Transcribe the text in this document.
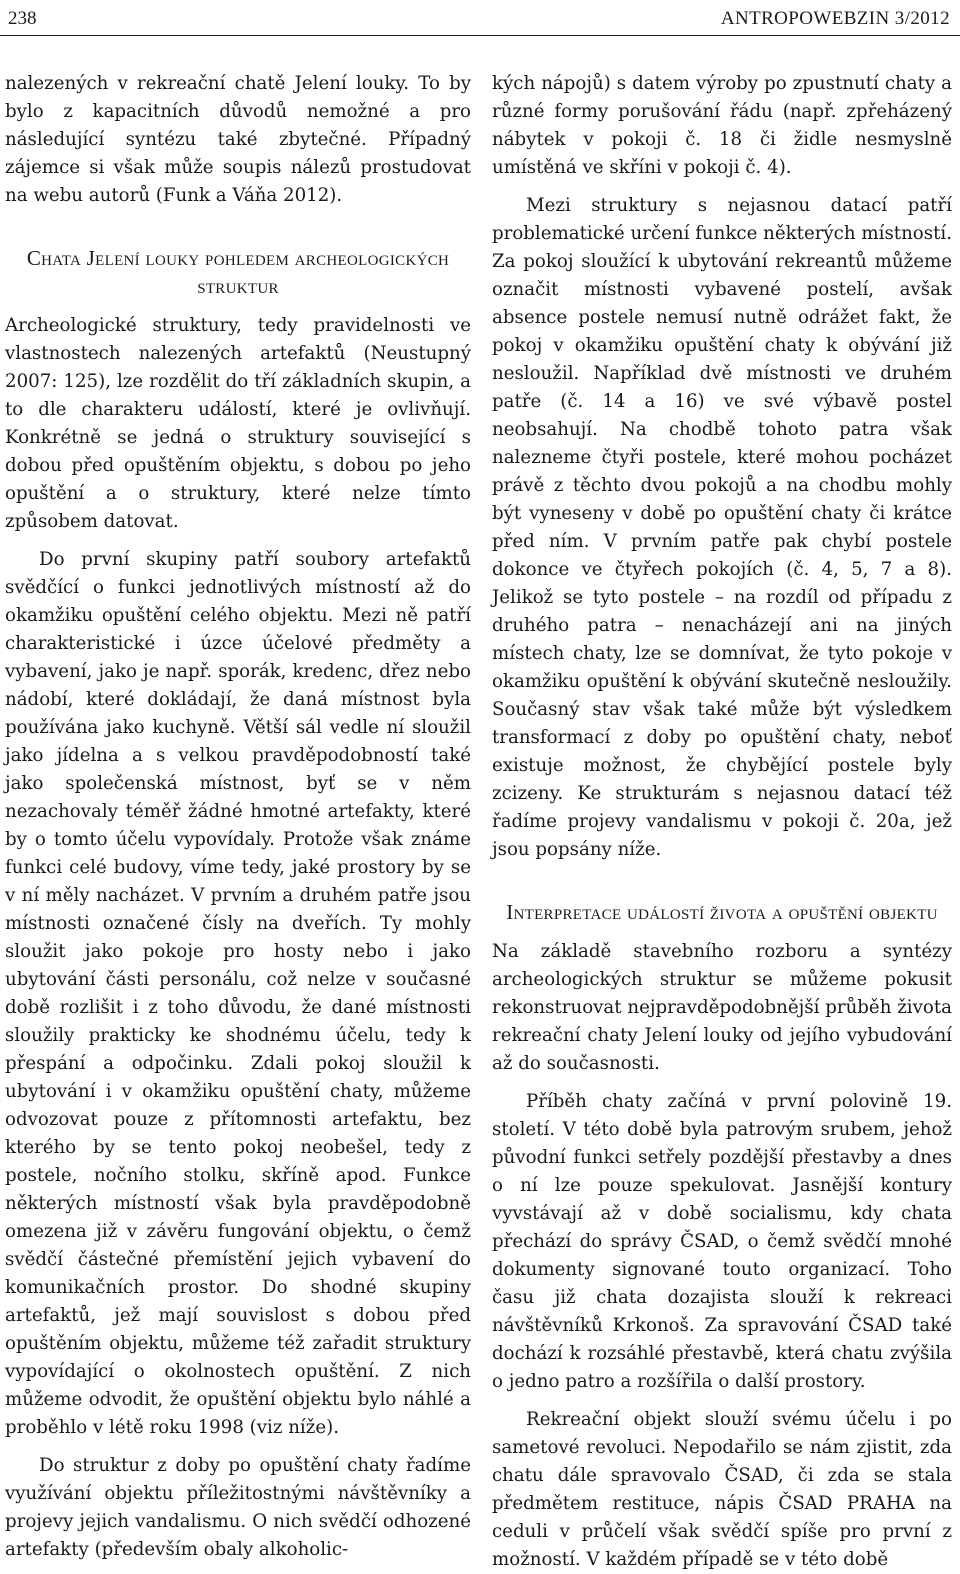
238	ANTROPOWEBZIN 3/2012

nalezených v rekreační chatě Jelení louky. To by bylo z kapacitních důvodů nemožné a pro následující syntézu také zbytečné. Případný zájemce si však může soupis nálezů prostudovat na webu autorů (Funk a Váňa 2012).

Chata Jelení louky pohledem archeologických struktur

Archeologické struktury, tedy pravidelnosti ve vlastnostech nalezených artefaktů (Neustupný 2007: 125), lze rozdělit do tří základních skupin, a to dle charakteru událostí, které je ovlivňují. Konkrétně se jedná o struktury související s dobou před opuštěním objektu, s dobou po jeho opuštění a o struktury, které nelze tímto způsobem datovat.

Do první skupiny patří soubory artefaktů svědčící o funkci jednotlivých místností až do okamžiku opuštění celého objektu. Mezi ně patří charakteristické i úzce účelové předměty a vybavení, jako je např. sporák, kredenc, dřez nebo nádobí, které dokládají, že daná místnost byla používána jako kuchyně. Větší sál vedle ní sloužil jako jídelna a s velkou pravděpodobností také jako společenská místnost, byť se v něm nezachovaly téměř žádné hmotné artefakty, které by o tomto účelu vypovídaly. Protože však známe funkci celé budovy, víme tedy, jaké prostory by se v ní měly nacházet. V prvním a druhém patře jsou místnosti označené čísly na dveřích. Ty mohly sloužit jako pokoje pro hosty nebo i jako ubytování části personálu, což nelze v současné době rozlišit i z toho důvodu, že dané místnosti sloužily prakticky ke shodnému účelu, tedy k přespání a odpočinku. Zdali pokoj sloužil k ubytování i v okamžiku opuštění chaty, můžeme odvozovat pouze z přítomnosti artefaktu, bez kterého by se tento pokoj neobešel, tedy z postele, nočního stolku, skříně apod. Funkce některých místností však byla pravděpodobně omezena již v závěru fungování objektu, o čemž svědčí částečné přemístění jejich vybavení do komunikačních prostor. Do shodné skupiny artefaktů, jež mají souvislost s dobou před opuštěním objektu, můžeme též zařadit struktury vypovídající o okolnostech opuštění. Z nich můžeme odvodit, že opuštění objektu bylo náhlé a proběhlo v létě roku 1998 (viz níže).

Do struktur z doby po opuštění chaty řadíme využívání objektu příležitostnými návštěvníky a projevy jejich vandalismu. O nich svědčí odhozené artefakty (především obaly alkoholic-

kých nápojů) s datem výroby po zpustnutí chaty a různé formy porušování řádu (např. zpřeházený nábytek v pokoji č. 18 či židle nesmyslně umístěná ve skříni v pokoji č. 4).

Mezi struktury s nejasnou datací patří problematické určení funkce některých místností. Za pokoj sloužící k ubytování rekreantů můžeme označit místnosti vybavené postelí, avšak absence postele nemusí nutně odrážet fakt, že pokoj v okamžiku opuštění chaty k obývání již nesloužil. Například dvě místnosti ve druhém patře (č. 14 a 16) ve své výbavě postel neobsahují. Na chodbě tohoto patra však nalezneme čtyři postele, které mohou pocházet právě z těchto dvou pokojů a na chodbu mohly být vyneseny v době po opuštění chaty či krátce před ním. V prvním patře pak chybí postele dokonce ve čtyřech pokojích (č. 4, 5, 7 a 8). Jelikož se tyto postele – na rozdíl od případu z druhého patra – nenacházejí ani na jiných místech chaty, lze se domnívat, že tyto pokoje v okamžiku opuštění k obývání skutečně nesloužily. Současný stav však také může být výsledkem transformací z doby po opuštění chaty, neboť existuje možnost, že chybějící postele byly zcizeny. Ke strukturám s nejasnou datací též řadíme projevy vandalismu v pokoji č. 20a, jež jsou popsány níže.

Interpretace událostí života a opuštění objektu

Na základě stavebního rozboru a syntézy archeologických struktur se můžeme pokusit rekonstruovat nejpravděpodobnější průběh života rekreační chaty Jelení louky od jejího vybudování až do současnosti.

Příběh chaty začíná v první polovině 19. století. V této době byla patrovým srubem, jehož původní funkci setřely pozdější přestavby a dnes o ní lze pouze spekulovat. Jasnější kontury vyvstávají až v době socialismu, kdy chata přechází do správy ČSAD, o čemž svědčí mnohé dokumenty signované touto organizací. Toho času již chata dozajista slouží k rekreaci návštěvníků Krkonoš. Za spravování ČSAD také dochází k rozsáhlé přestavbě, která chatu zvýšila o jedno patro a rozšířila o další prostory.

Rekreační objekt slouží svému účelu i po sametové revoluci. Nepodařilo se nám zjistit, zda chatu dále spravovalo ČSAD, či zda se stala předmětem restituce, nápis ČSAD PRAHA na ceduli v průčelí však svědčí spíše pro první z možností. V každém případě se v této době
